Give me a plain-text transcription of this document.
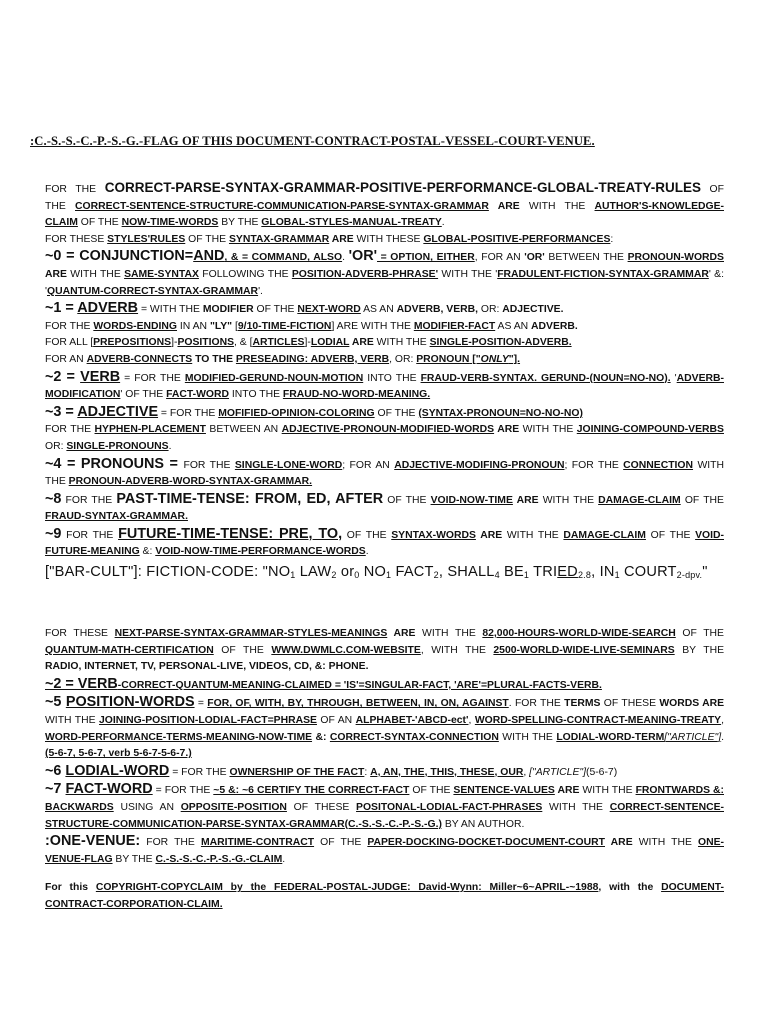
:C.-S.-S.-C.-P.-S.-G.-FLAG OF THIS DOCUMENT-CONTRACT-POSTAL-VESSEL-COURT-VENUE.

FOR THE CORRECT-PARSE-SYNTAX-GRAMMAR-POSITIVE-PERFORMANCE-GLOBAL-TREATY-RULES OF THE CORRECT-SENTENCE-STRUCTURE-COMMUNICATION-PARSE-SYNTAX-GRAMMAR ARE WITH THE AUTHOR'S-KNOWLEDGE-CLAIM OF THE NOW-TIME-WORDS BY THE GLOBAL-STYLES-MANUAL-TREATY.

FOR THESE STYLES'RULES OF THE SYNTAX-GRAMMAR ARE WITH THESE GLOBAL-POSITIVE-PERFORMANCES:

~0 = CONJUNCTION=AND, & = COMMAND, ALSO. 'OR' = OPTION, EITHER, FOR AN 'OR' BETWEEN THE PRONOUN-WORDS ARE WITH THE SAME-SYNTAX FOLLOWING THE POSITION-ADVERB-PHRASE' WITH THE 'FRADULENT-FICTION-SYNTAX-GRAMMAR' &: 'QUANTUM-CORRECT-SYNTAX-GRAMMAR'.

~1 = ADVERB = WITH THE MODIFIER OF THE NEXT-WORD AS AN ADVERB, VERB, OR: ADJECTIVE.

FOR THE WORDS-ENDING IN AN "LY" [9/10-TIME-FICTION] ARE WITH THE MODIFIER-FACT AS AN ADVERB.

FOR ALL [PREPOSITIONS]-POSITIONS, & [ARTICLES]-LODIAL ARE WITH THE SINGLE-POSITION-ADVERB.

FOR AN ADVERB-CONNECTS TO THE PRESEADING: ADVERB, VERB, OR: PRONOUN ["ONLY"].

~2 = VERB = FOR THE MODIFIED-GERUND-NOUN-MOTION INTO THE FRAUD-VERB-SYNTAX. GERUND-(NOUN=NO-NO). 'ADVERB-MODIFICATION' OF THE FACT-WORD INTO THE FRAUD-NO-WORD-MEANING.

~3 = ADJECTIVE = FOR THE MOFIFIED-OPINION-COLORING OF THE (SYNTAX-PRONOUN=NO-NO-NO)

FOR THE HYPHEN-PLACEMENT BETWEEN AN ADJECTIVE-PRONOUN-MODIFIED-WORDS ARE WITH THE JOINING-COMPOUND-VERBS OR: SINGLE-PRONOUNS.

~4 = PRONOUNS = FOR THE SINGLE-LONE-WORD; FOR AN ADJECTIVE-MODIFING-PRONOUN; FOR THE CONNECTION WITH THE PRONOUN-ADVERB-WORD-SYNTAX-GRAMMAR.

~8 FOR THE PAST-TIME-TENSE: FROM, ED, AFTER OF THE VOID-NOW-TIME ARE WITH THE DAMAGE-CLAIM OF THE FRAUD-SYNTAX-GRAMMAR.

~9 FOR THE FUTURE-TIME-TENSE: PRE, TO, OF THE SYNTAX-WORDS ARE WITH THE DAMAGE-CLAIM OF THE VOID-FUTURE-MEANING &: VOID-NOW-TIME-PERFORMANCE-WORDS.

["BAR-CULT"]: FICTION-CODE: "$NO_1$ $LAW_2$ $or_0$ $NO_1$ $FACT_2$, $SHALL_4$ $BE_1$ $TRIED_{2.8}$, $IN_1$ $COURT_{2-dpv.}$"

FOR THESE NEXT-PARSE-SYNTAX-GRAMMAR-STYLES-MEANINGS ARE WITH THE 82,000-HOURS-WORLD-WIDE-SEARCH OF THE QUANTUM-MATH-CERTIFICATION OF THE WWW.DWMLC.COM-WEBSITE, WITH THE 2500-WORLD-WIDE-LIVE-SEMINARS BY THE RADIO, INTERNET, TV, PERSONAL-LIVE, VIDEOS, CD, &: PHONE.

~2 = VERB-CORRECT-QUANTUM-MEANING-CLAIMED = 'IS'=SINGULAR-FACT, 'ARE'=PLURAL-FACTS-VERB.

~5 POSITION-WORDS = FOR, OF, WITH, BY, THROUGH, BETWEEN, IN, ON, AGAINST. FOR THE TERMS OF THESE WORDS ARE WITH THE JOINING-POSITION-LODIAL-FACT=PHRASE OF AN ALPHABET-'ABCD-ect', WORD-SPELLING-CONTRACT-MEANING-TREATY, WORD-PERFORMANCE-TERMS-MEANING-NOW-TIME &: CORRECT-SYNTAX-CONNECTION WITH THE LODIAL-WORD-TERM["ARTICLE"]. (5-6-7, 5-6-7, verb 5-6-7-5-6-7.)

~6 LODIAL-WORD = FOR THE OWNERSHIP OF THE FACT: A, AN, THE, THIS, THESE, OUR, ["ARTICLE"](5-6-7)

~7 FACT-WORD = FOR THE ~5 &: ~6 CERTIFY THE CORRECT-FACT OF THE SENTENCE-VALUES ARE WITH THE FRONTWARDS &: BACKWARDS USING AN OPPOSITE-POSITION OF THESE POSITONAL-LODIAL-FACT-PHRASES WITH THE CORRECT-SENTENCE-STRUCTURE-COMMUNICATION-PARSE-SYNTAX-GRAMMAR(C.-S.-S.-C.-P.-S.-G.) BY AN AUTHOR.

:ONE-VENUE: FOR THE MARITIME-CONTRACT OF THE PAPER-DOCKING-DOCKET-DOCUMENT-COURT ARE WITH THE ONE-VENUE-FLAG BY THE C.-S.-S.-C.-P.-S.-G.-CLAIM.

For this COPYRIGHT-COPYCLAIM by the FEDERAL-POSTAL-JUDGE: David-Wynn: Miller~6~APRIL-~1988, with the DOCUMENT-CONTRACT-CORPORATION-CLAIM.
